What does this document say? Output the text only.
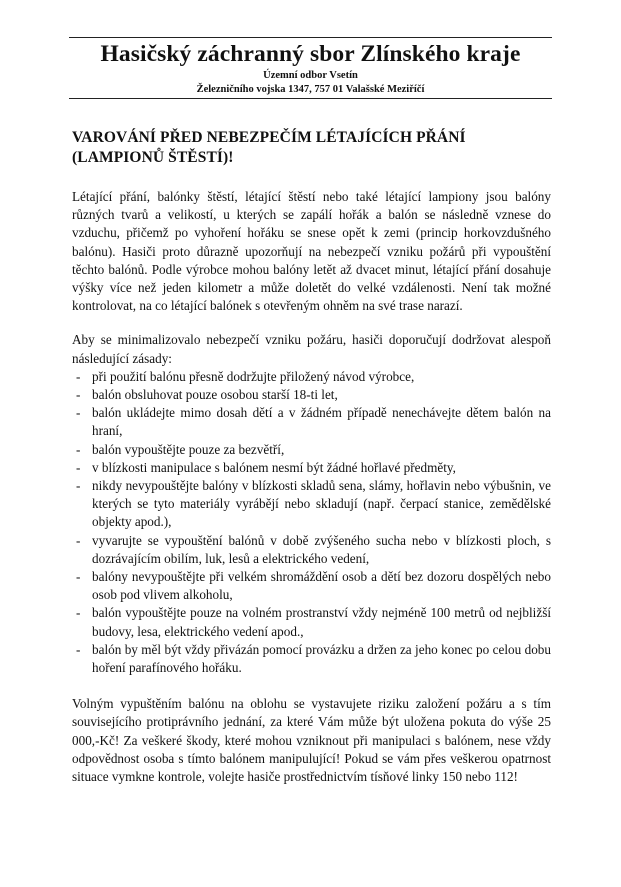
Hasičský záchranný sbor Zlínského kraje
Územní odbor Vsetín
Železničního vojska 1347, 757 01 Valašské Meziříčí
VAROVÁNÍ PŘED NEBEZPEČÍM LÉTAJÍCÍCH PŘÁNÍ
(LAMPIONŮ ŠTĚSTÍ)!

Létající přání, balónky štěstí, létající štěstí nebo také létající lampiony jsou balóny různých tvarů a velikostí, u kterých se zapálí hořák a balón se následně vznese do vzduchu, přičemž po vyhoření hořáku se snese opět k zemi (princip horkovzdušného balónu). Hasiči proto důrazně upozorňují na nebezpečí vzniku požárů při vypouštění těchto balónů. Podle výrobce mohou balóny letět až dvacet minut, létající přání dosahuje výšky více než jeden kilometr a může doletět do velké vzdálenosti. Není tak možné kontrolovat, na co létající balónek s otevřeným ohněm na své trase narazí.

Aby se minimalizovalo nebezpečí vzniku požáru, hasiči doporučují dodržovat alespoň následující zásady:

- při použití balónu přesně dodržujte přiložený návod výrobce,
- balón obsluhovat pouze osobou starší 18-ti let,
- balón ukládejte mimo dosah dětí a v žádném případě nenechávejte dětem balón na hraní,
- balón vypouštějte pouze za bezvětří,
- v blízkosti manipulace s balónem nesmí být žádné hořlavé předměty,
- nikdy nevypouštějte balóny v blízkosti skladů sena, slámy, hořlavin nebo výbušnin, ve kterých se tyto materiály vyrábějí nebo skladují (např. čerpací stanice, zemědělské objekty apod.),
- vyvarujte se vypouštění balónů v době zvýšeného sucha nebo v blízkosti ploch, s dozrávajícím obilím, luk, lesů a elektrického vedení,
- balóny nevypouštějte při velkém shromáždění osob a dětí bez dozoru dospělých nebo osob pod vlivem alkoholu,
- balón vypouštějte pouze na volném prostranství vždy nejméně 100 metrů od nejbližší budovy, lesa, elektrického vedení apod.,
- balón by měl být vždy přivázán pomocí provázku a držen za jeho konec po celou dobu hoření parafínového hořáku.

Volným vypuštěním balónu na oblohu se vystavujete riziku založení požáru a s tím souvisejícího protiprávního jednání, za které Vám může být uložena pokuta do výše 25 000,-Kč! Za veškeré škody, které mohou vzniknout při manipulaci s balónem, nese vždy odpovědnost osoba s tímto balónem manipulující! Pokud se vám přes veškerou opatrnost situace vymkne kontrole, volejte hasiče prostřednictvím tísňové linky 150 nebo 112!
